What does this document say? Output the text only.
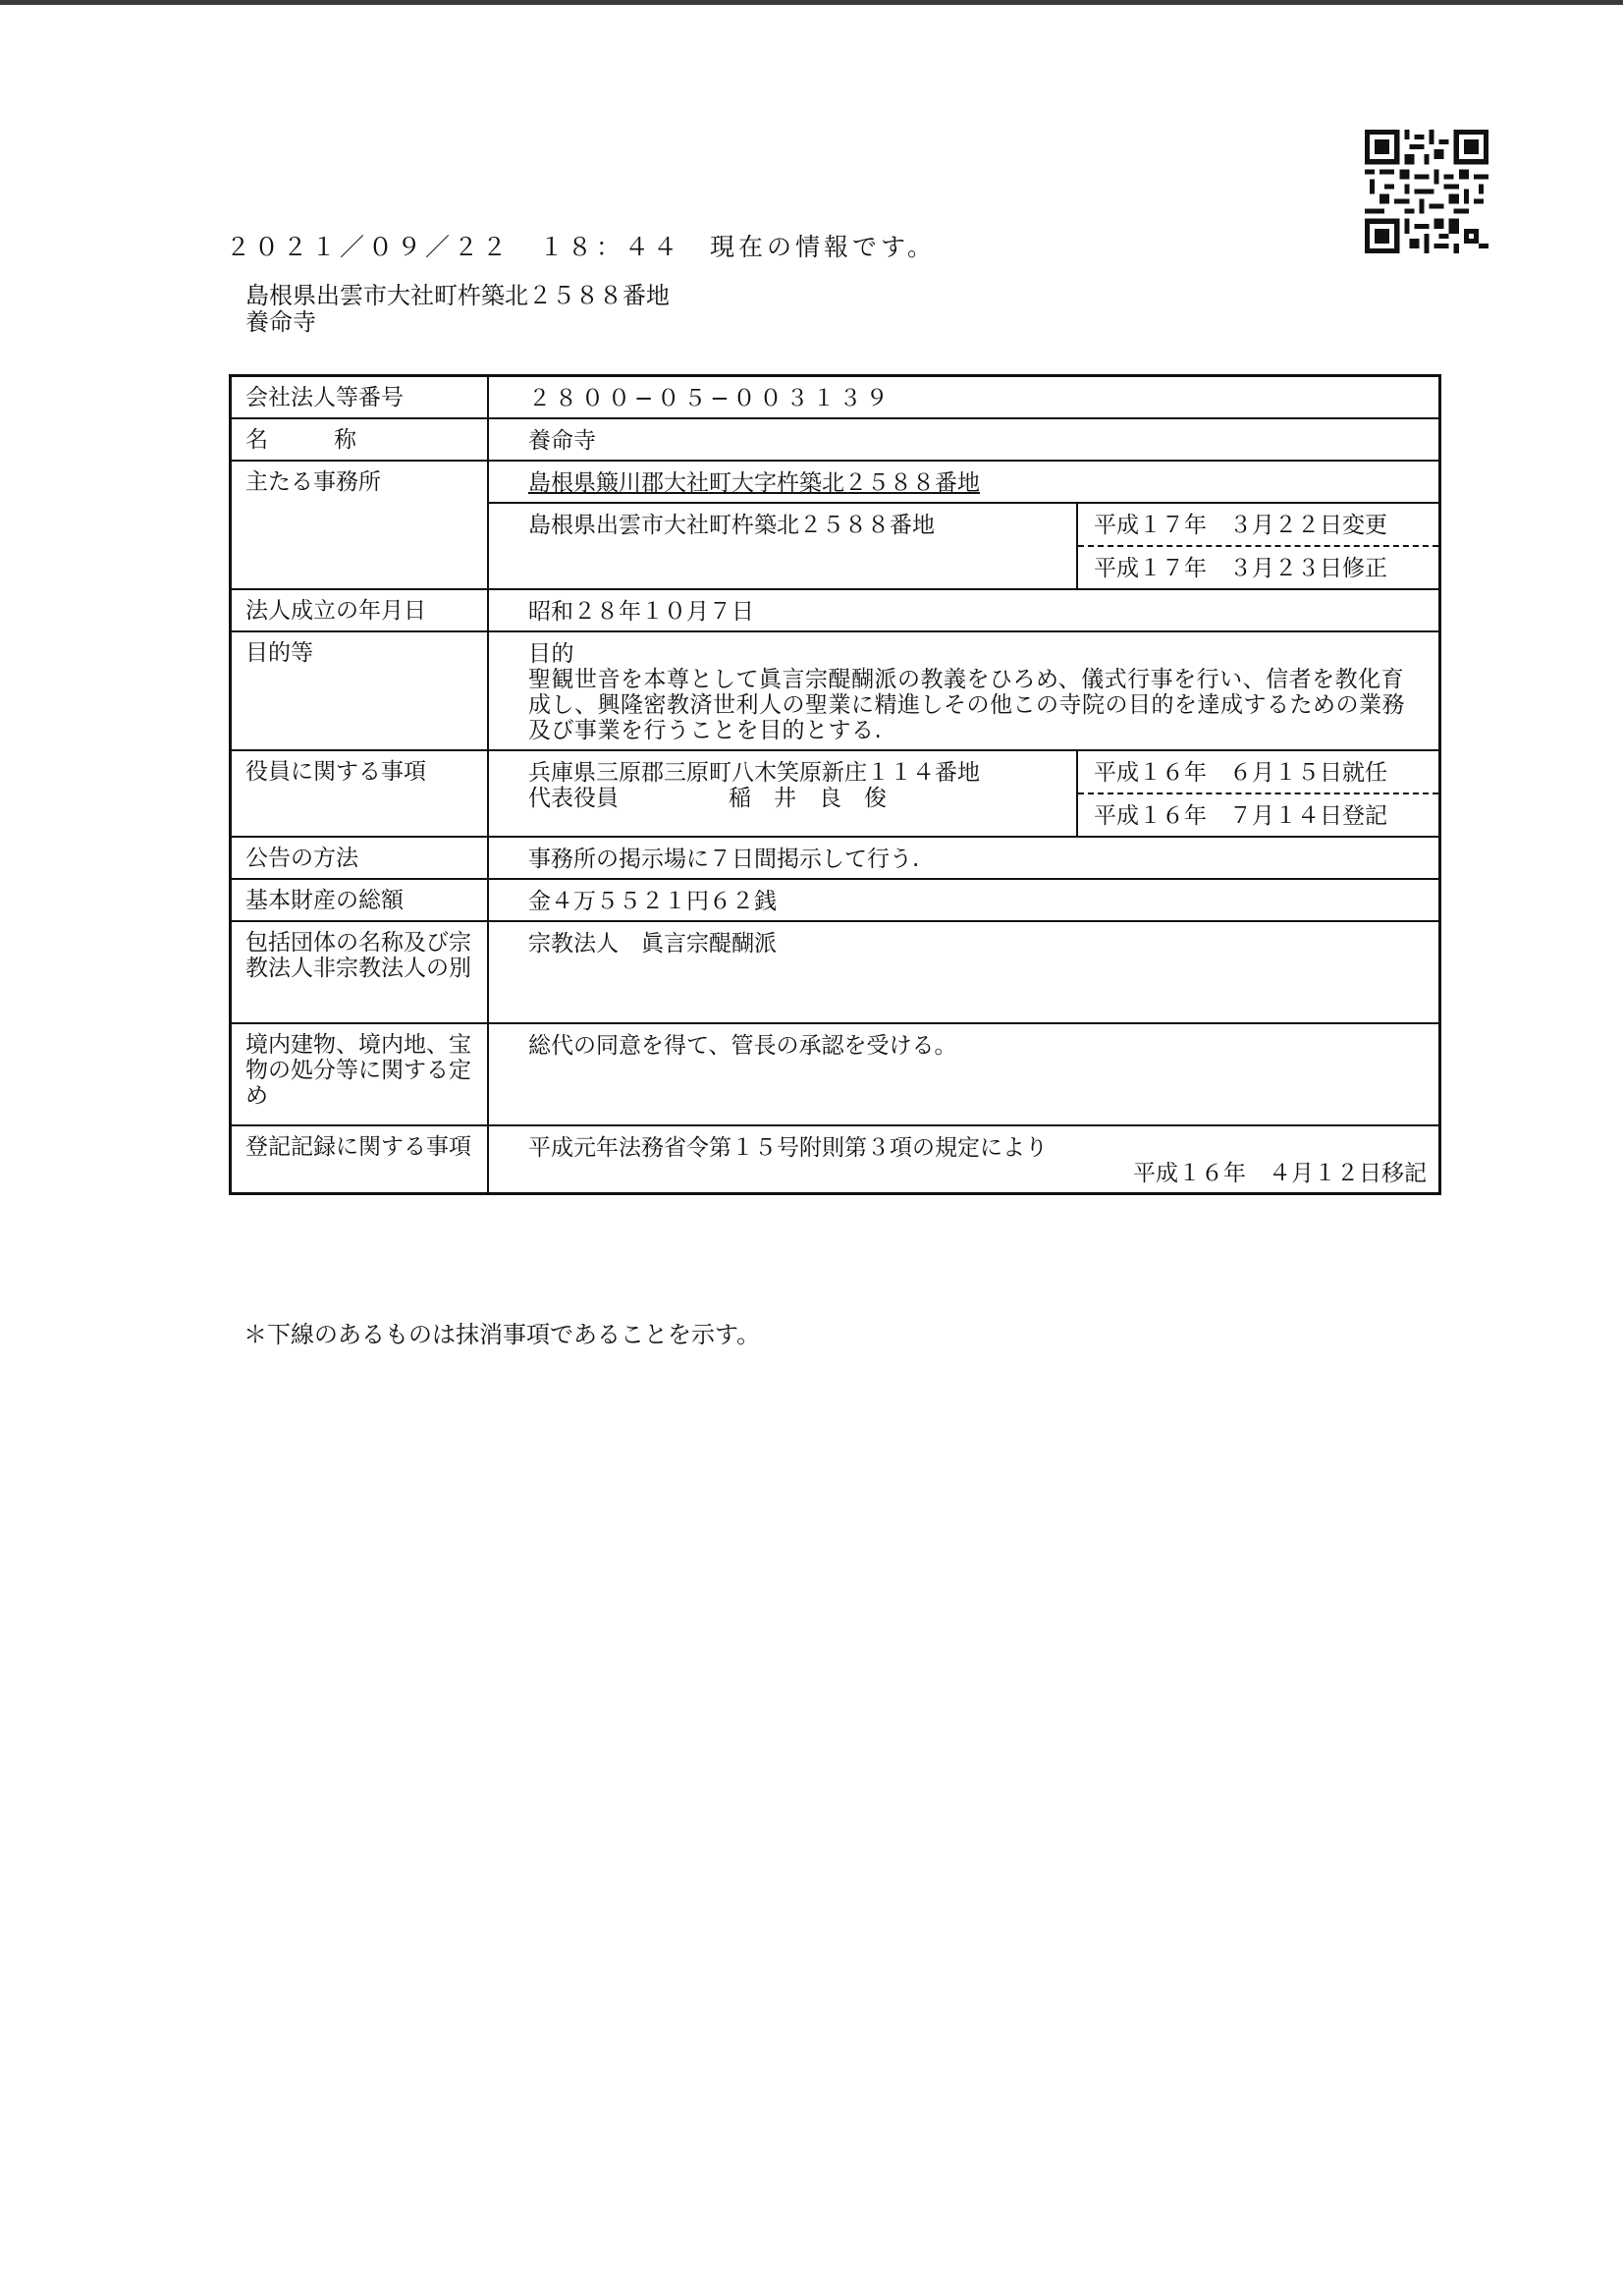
２０２１／０９／２２　１８：４４　現在の情報です。
島根県出雲市大社町杵築北２５８８番地
養命寺
会社法人等番号	２８００−０５−００３１３９

名　称	養命寺

主たる事務所	島根県簸川郡大社町大字杵築北２５８８番地
島根県出雲市大社町杵築北２５８８番地 平成１７年　３月２２日変更
平成１７年　３月２３日修正

法人成立の年月日	昭和２８年１０月７日

目的等	目的
聖観世音を本尊として眞言宗醍醐派の教義をひろめ、儀式行事を行い、信者を教化育成し、興隆密教済世利人の聖業に精進しその他この寺院の目的を達成するための業務及び事業を行うことを目的とする.

役員に関する事項	兵庫県三原郡三原町八木笑原新庄１１４番地
代表役員 稲　井　良　俊
平成１６年　６月１５日就任
平成１６年　７月１４日登記

公告の方法	事務所の掲示場に７日間掲示して行う.

基本財産の総額	金４万５５２１円６２銭

包括団体の名称及び宗教法人非宗教法人の別	宗教法人　眞言宗醍醐派

境内建物、境内地、宝物の処分等に関する定め	総代の同意を得て、管長の承認を受ける。

登記記録に関する事項	平成元年法務省令第１５号附則第３項の規定により
平成１６年　４月１２日移記
＊下線のあるものは抹消事項であることを示す。
